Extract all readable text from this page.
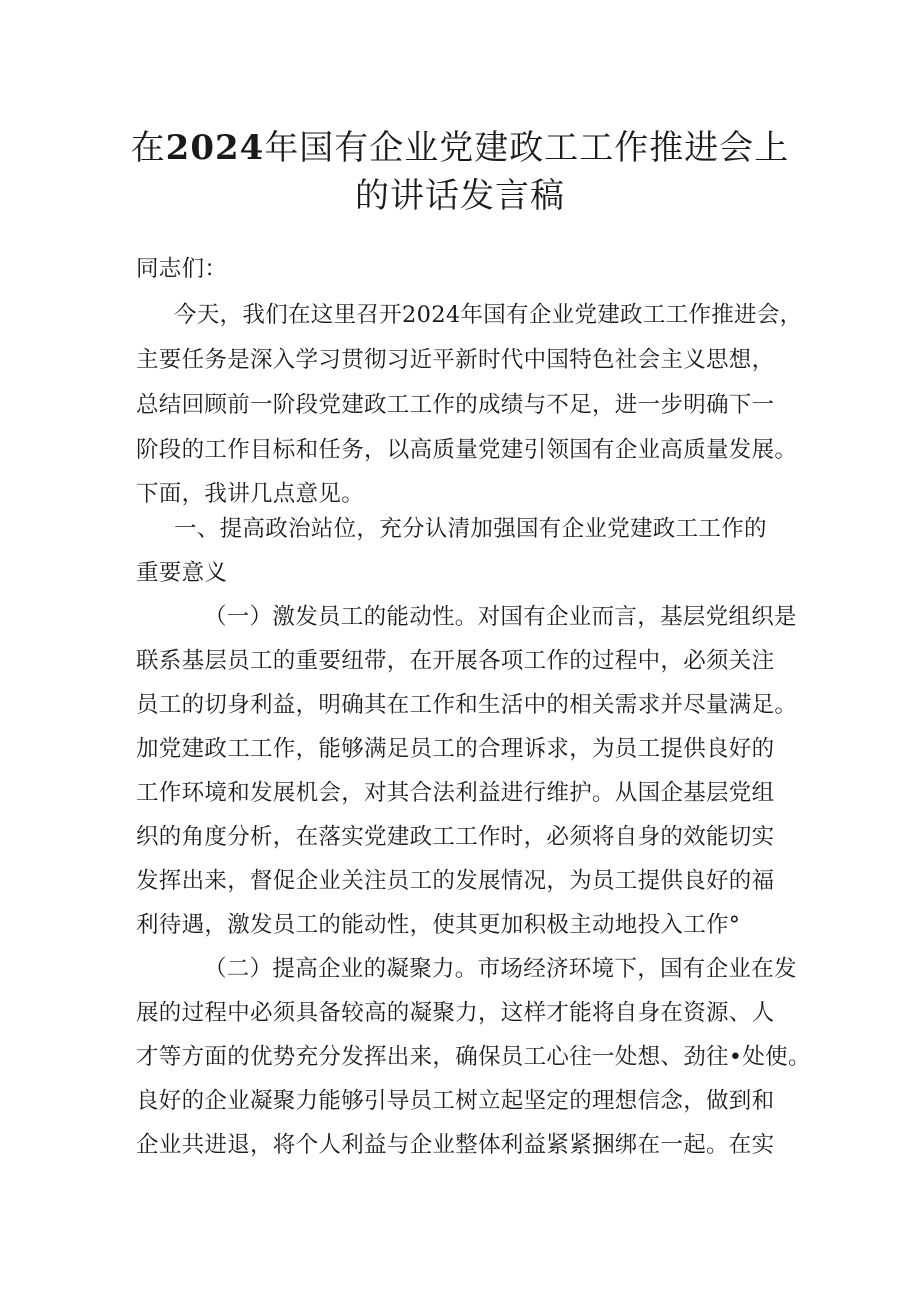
在2024年国有企业党建政工工作推进会上
的讲话发言稿
同志们：
今天，我们在这里召开2024年国有企业党建政工工作推进会，
主要任务是深入学习贯彻习近平新时代中国特色社会主义思想，
总结回顾前一阶段党建政工工作的成绩与不足，进一步明确下一
阶段的工作目标和任务，以高质量党建引领国有企业高质量发展。
下面，我讲几点意见。
一、提高政治站位，充分认清加强国有企业党建政工工作的
重要意义
（一）激发员工的能动性。对国有企业而言，基层党组织是
联系基层员工的重要纽带，在开展各项工作的过程中，必须关注
员工的切身利益，明确其在工作和生活中的相关需求并尽量满足。
加党建政工工作，能够满足员工的合理诉求，为员工提供良好的
工作环境和发展机会，对其合法利益进行维护。从国企基层党组
织的角度分析，在落实党建政工工作时，必须将自身的效能切实
发挥出来，督促企业关注员工的发展情况，为员工提供良好的福
利待遇，激发员工的能动性，使其更加积极主动地投入工作°
（二）提高企业的凝聚力。市场经济环境下，国有企业在发
展的过程中必须具备较高的凝聚力，这样才能将自身在资源、人
才等方面的优势充分发挥出来，确保员工心往一处想、劲往•处使。
良好的企业凝聚力能够引导员工树立起坚定的理想信念，做到和
企业共进退，将个人利益与企业整体利益紧紧捆绑在一起。在实
